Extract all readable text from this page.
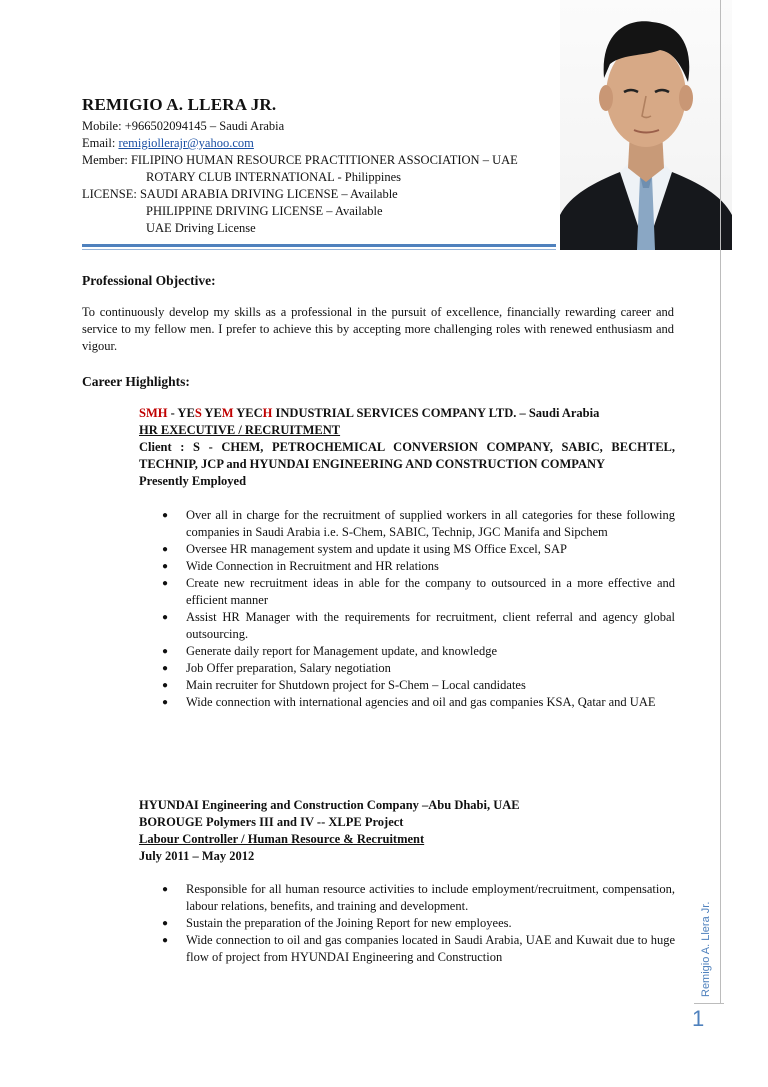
REMIGIO A. LLERA JR.
Mobile: +966502094145 – Saudi Arabia
Email: remigiollerajr@yahoo.com
Member: FILIPINO HUMAN RESOURCE PRACTITIONER ASSOCIATION – UAE
ROTARY CLUB INTERNATIONAL - Philippines
LICENSE: SAUDI ARABIA DRIVING LICENSE – Available
PHILIPPINE DRIVING LICENSE – Available
UAE Driving License
Professional Objective:
To continuously develop my skills as a professional in the pursuit of excellence, financially rewarding career and service to my fellow men. I prefer to achieve this by accepting more challenging roles with renewed enthusiasm and vigour.
Career Highlights:
SMH - YES YEM YECH INDUSTRIAL SERVICES COMPANY LTD. – Saudi Arabia
HR EXECUTIVE / RECRUITMENT
Client : S - CHEM, PETROCHEMICAL CONVERSION COMPANY, SABIC, BECHTEL, TECHNIP, JCP and HYUNDAI ENGINEERING AND CONSTRUCTION COMPANY
Presently Employed
● Over all in charge for the recruitment of supplied workers in all categories for these following companies in Saudi Arabia i.e. S-Chem, SABIC, Technip, JGC Manifa and Sipchem
● Oversee HR management system and update it using MS Office Excel, SAP
● Wide Connection in Recruitment and HR relations
● Create new recruitment ideas in able for the company to outsourced in a more effective and efficient manner
● Assist HR Manager with the requirements for recruitment, client referral and agency global outsourcing.
● Generate daily report for Management update, and knowledge
● Job Offer preparation, Salary negotiation
● Main recruiter for Shutdown project for S-Chem – Local candidates
● Wide connection with international agencies and oil and gas companies KSA, Qatar and UAE
HYUNDAI Engineering and Construction Company –Abu Dhabi, UAE
BOROUGE Polymers III and IV -- XLPE Project
Labour Controller / Human Resource & Recruitment
July 2011 – May 2012
● Responsible for all human resource activities to include employment/recruitment, compensation, labour relations, benefits, and training and development.
● Sustain the preparation of the Joining Report for new employees.
● Wide connection to oil and gas companies located in Saudi Arabia, UAE and Kuwait due to huge flow of project from HYUNDAI Engineering and Construction	Remigio A. Llera Jr.
1
